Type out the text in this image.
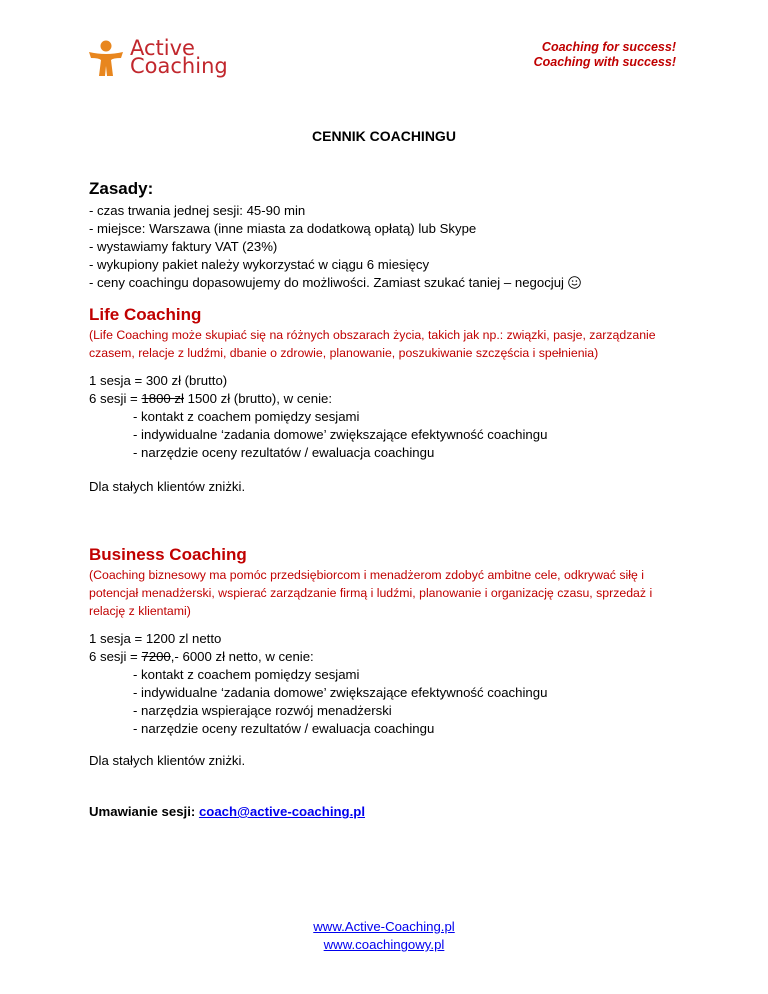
Active
Coaching
Coaching for success!
Coaching with success!
CENNIK COACHINGU
Zasady:
- czas trwania jednej sesji: 45-90 min
- miejsce: Warszawa (inne miasta za dodatkową opłatą) lub Skype
- wystawiamy faktury VAT (23%)
- wykupiony pakiet należy wykorzystać w ciągu 6 miesięcy
- ceny coachingu dopasowujemy do możliwości. Zamiast szukać taniej – negocjuj
Life Coaching
(Life Coaching może skupiać się na różnych obszarach życia, takich jak np.: związki, pasje, zarządzanie czasem, relacje z ludźmi, dbanie o zdrowie, planowanie, poszukiwanie szczęścia i spełnienia)
1 sesja = 300 zł (brutto)
6 sesji = 1800 zł 1500 zł (brutto), w cenie:
- kontakt z coachem pomiędzy sesjami
- indywidualne ‘zadania domowe’ zwiększające efektywność coachingu
- narzędzie oceny rezultatów / ewaluacja coachingu
Dla stałych klientów zniżki.
Business Coaching
(Coaching biznesowy ma pomóc przedsiębiorcom i menadżerom zdobyć ambitne cele, odkrywać siłę i potencjał menadżerski, wspierać zarządzanie firmą i ludźmi, planowanie i organizację czasu, sprzedaż i relację z klientami)
1 sesja = 1200 zl netto
6 sesji = 7200,- 6000 zł netto, w cenie:
- kontakt z coachem pomiędzy sesjami
- indywidualne ‘zadania domowe’ zwiększające efektywność coachingu
- narzędzia wspierające rozwój menadżerski
- narzędzie oceny rezultatów / ewaluacja coachingu
Dla stałych klientów zniżki.
Umawianie sesji: coach@active-coaching.pl
www.Active-Coaching.pl
www.coachingowy.pl
